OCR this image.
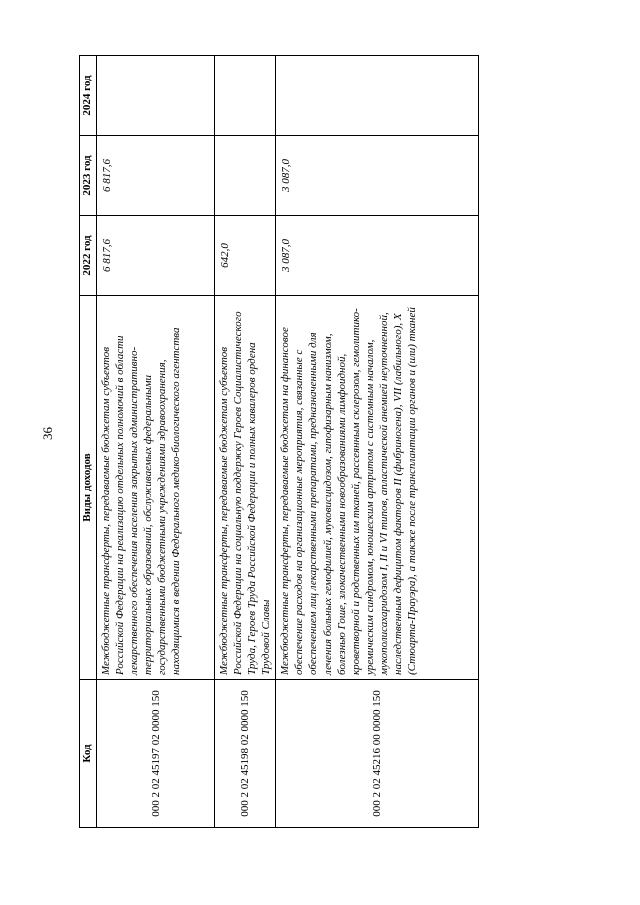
36
Код	Виды доходов	2022 год	2023 год	2024 год
000 2 02 45197 02 0000 150	Межбюджетные трансферты, передаваемые бюджетам субъектов Российской Федерации на реализацию отдельных полномочий в области лекарственного обеспечения населения закрытых административно-территориальных образований, обслуживаемых федеральными государственными бюджетными учреждениями здравоохранения, находящимися в ведении Федерального медико-биологического агентства	6 817,6	6 817,6	
000 2 02 45198 02 0000 150	Межбюджетные трансферты, передаваемые бюджетам субъектов Российской Федерации на социальную поддержку Героев Социалистического Труда, Героев Труда Российской Федерации и полных кавалеров ордена Трудовой Славы	642,0		
000 2 02 45216 00 0000 150	Межбюджетные трансферты, передаваемые бюджетам на финансовое обеспечение расходов на организационные мероприятия, связанные с обеспечением лиц лекарственными препаратами, предназначенными для лечения больных гемофилией, муковисцидозом, гипофизарным нанизмом, болезнью Гоше, злокачественными новообразованиями лимфоидной, кроветворной и родственных им тканей, рассеянным склерозом, гемолитико-уремическим синдромом, юношеским артритом с системным началом, мукополисахаридозом I, II и VI типов, апластической анемией неуточненной, наследственным дефицитом факторов II (фибриногена), VII (лабильного), X (Стюарта-Прауэра), а также после трансплантации органов и (или) тканей	3 087,0	3 087,0	
